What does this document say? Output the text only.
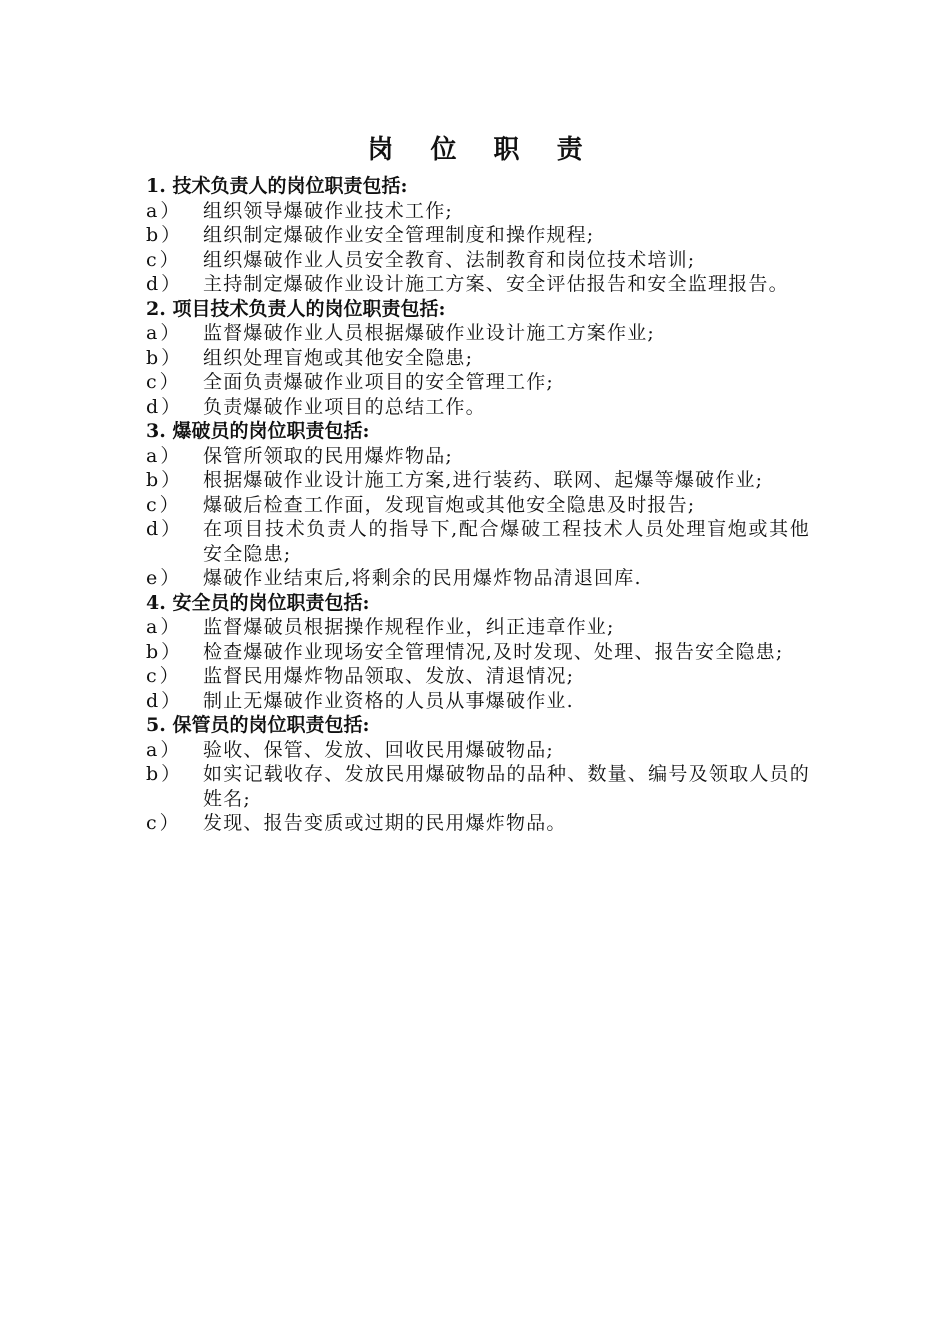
岗 位 职 责
1. 技术负责人的岗位职责包括:
a）	组织领导爆破作业技术工作;
b）	组织制定爆破作业安全管理制度和操作规程;
c）	组织爆破作业人员安全教育、法制教育和岗位技术培训;
d）	主持制定爆破作业设计施工方案、安全评估报告和安全监理报告。
2. 项目技术负责人的岗位职责包括:
a）	监督爆破作业人员根据爆破作业设计施工方案作业;
b）	组织处理盲炮或其他安全隐患;
c）	全面负责爆破作业项目的安全管理工作;
d）	负责爆破作业项目的总结工作。
3. 爆破员的岗位职责包括:
a）	保管所领取的民用爆炸物品;
b）	根据爆破作业设计施工方案,进行装药、联网、起爆等爆破作业;
c）	爆破后检查工作面，发现盲炮或其他安全隐患及时报告;
d）	在项目技术负责人的指导下,配合爆破工程技术人员处理盲炮或其他安全隐患;
e）	爆破作业结束后,将剩余的民用爆炸物品清退回库.
4. 安全员的岗位职责包括:
a）	监督爆破员根据操作规程作业，纠正违章作业;
b）	检查爆破作业现场安全管理情况,及时发现、处理、报告安全隐患;
c）	监督民用爆炸物品领取、发放、清退情况;
d）	制止无爆破作业资格的人员从事爆破作业.
5. 保管员的岗位职责包括:
a）	验收、保管、发放、回收民用爆破物品;
b）	如实记载收存、发放民用爆破物品的品种、数量、编号及领取人员的姓名;
c）	发现、报告变质或过期的民用爆炸物品。
